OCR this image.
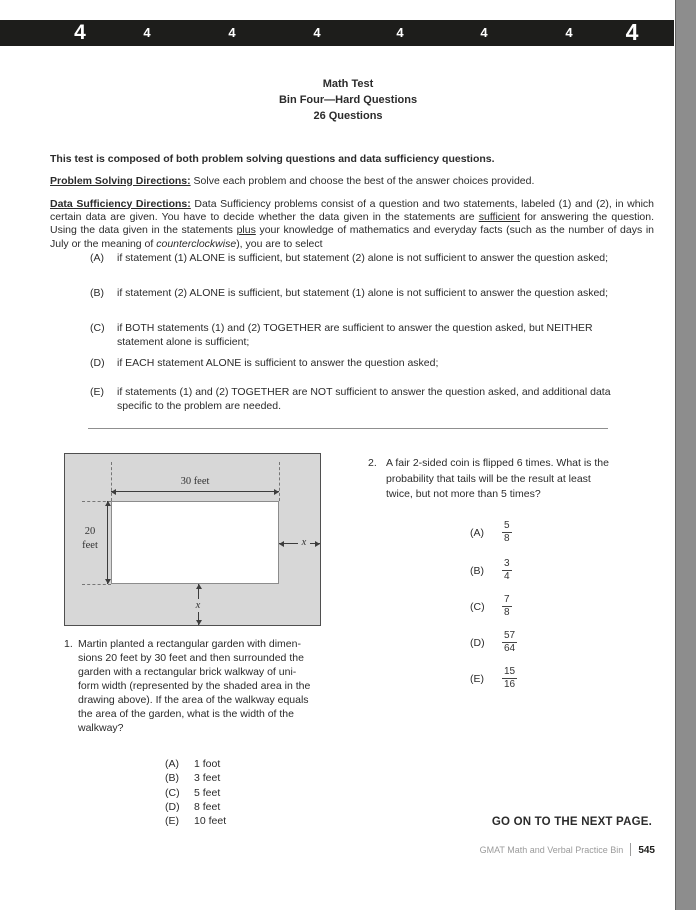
4	4	4	4	4	4	4 4
Math Test
Bin Four—Hard Questions
26 Questions

This test is composed of both problem solving questions and data sufficiency questions.

Problem Solving Directions: Solve each problem and choose the best of the answer choices provided.

Data Sufficiency Directions: Data Sufficiency problems consist of a question and two statements, labeled (1) and (2), in which certain data are given. You have to decide whether the data given in the statements are sufficient for answering the question. Using the data given in the statements plus your knowledge of mathematics and everyday facts (such as the number of days in July or the meaning of counterclockwise), you are to select

(A)	if statement (1) ALONE is sufficient, but statement (2) alone is not sufficient to answer the question asked;
(B)	if statement (2) ALONE is sufficient, but statement (1) alone is not sufficient to answer the question asked;
(C)	if BOTH statements (1) and (2) TOGETHER are sufficient to answer the question asked, but NEITHER statement alone is sufficient;
(D)	if EACH statement ALONE is sufficient to answer the question asked;
(E)	if statements (1) and (2) TOGETHER are NOT sufficient to answer the question asked, and additional data specific to the problem are needed.
30 feet
20
feet	x
x
1. Martin planted a rectangular garden with dimen-
sions 20 feet by 30 feet and then surrounded the
garden with a rectangular brick walkway of uni-
form width (represented by the shaded area in the
drawing above). If the area of the walkway equals
the area of the garden, what is the width of the
walkway?
(A)	1 foot
(B)	3 feet
(C)	5 feet
(D)	8 feet
(E)	10 feet
2. A fair 2-sided coin is flipped 6 times. What is the
probability that tails will be the result at least
twice, but not more than 5 times?
(A)	$\frac{5}{8}$
(B)	$\frac{3}{4}$
(C)	$\frac{7}{8}$
(D)	$\frac{57}{64}$
(E)	$\frac{15}{16}$
GO ON TO THE NEXT PAGE.
GMAT Math and Verbal Practice Bin 545
